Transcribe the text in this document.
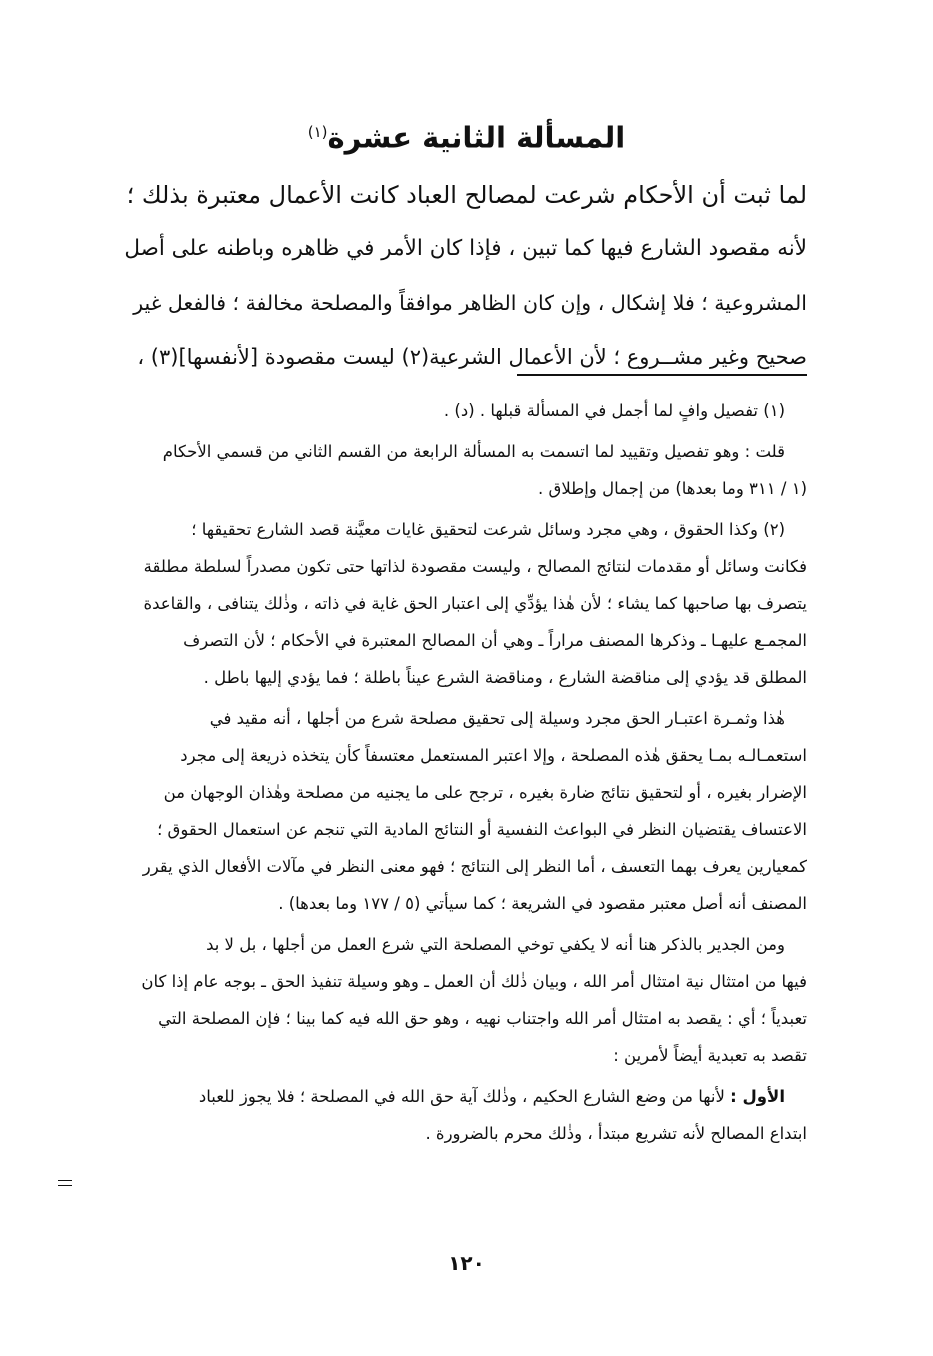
المسألة الثانية عشرة$^{(١)}$
لما ثبت أن الأحكام شرعت لمصالح العباد كانت الأعمال معتبرة بذلك ؛
لأنه مقصود الشارع فيها كما تبين ، فإذا كان الأمر في ظاهره وباطنه على أصل
المشروعية ؛ فلا إشكال ، وإن كان الظاهر موافقاً والمصلحة مخالفة ؛ فالفعل غير
صحيح وغير مشــروع ؛ لأن الأعمال الشرعية(٢) ليست مقصودة [لأنفسها](٣) ،
(١) تفصيل وافٍ لما أجمل في المسألة قبلها . (د) .
قلت : وهو تفصيل وتقييد لما اتسمت به المسألة الرابعة من القسم الثاني من قسمي الأحكام
(١ / ٣١١ وما بعدها) من إجمال وإطلاق .
(٢) وكذا الحقوق ، وهي مجرد وسائل شرعت لتحقيق غايات معيَّنة قصد الشارع تحقيقها ؛
فكانت وسائل أو مقدمات لنتائج المصالح ، وليست مقصودة لذاتها حتى تكون مصدراً لسلطة مطلقة
يتصرف بها صاحبها كما يشاء ؛ لأن هٰذا يؤدِّي إلى اعتبار الحق غاية في ذاته ، وذٰلك يتنافى ، والقاعدة
المجمـع عليهـا ـ وذكرها المصنف مراراً ـ وهي أن المصالح المعتبرة في الأحكام ؛ لأن التصرف
المطلق قد يؤدي إلى مناقضة الشارع ، ومناقضة الشرع عيناً باطلة ؛ فما يؤدي إليها باطل .
هٰذا وثمـرة اعتبـار الحق مجرد وسيلة إلى تحقيق مصلحة شرع من أجلها ، أنه مقيد في
استعمـالـه بمـا يحقق هٰذه المصلحة ، وإلا اعتبر المستعمل معتسفاً كأن يتخذه ذريعة إلى مجرد
الإضرار بغيره ، أو لتحقيق نتائج ضارة بغيره ، ترجح على ما يجنيه من مصلحة وهٰذان الوجهان من
الاعتساف يقتضيان النظر في البواعث النفسية أو النتائج المادية التي تنجم عن استعمال الحقوق ؛
كمعيارين يعرف بهما التعسف ، أما النظر إلى النتائج ؛ فهو معنى النظر في مآلات الأفعال الذي يقرر
المصنف أنه أصل معتبر مقصود في الشريعة ؛ كما سيأتي (٥ / ١٧٧ وما بعدها) .
ومن الجدير بالذكر هنا أنه لا يكفي توخي المصلحة التي شرع العمل من أجلها ، بل لا بد
فيها من امتثال نية امتثال أمر الله ، وبيان ذٰلك أن العمل ـ وهو وسيلة تنفيذ الحق ـ بوجه عام إذا كان
تعبدياً ؛ أي : يقصد به امتثال أمر الله واجتناب نهيه ، وهو حق الله فيه كما بينا ؛ فإن المصلحة التي
تقصد به تعبدية أيضاً لأمرين :
الأول : لأنها من وضع الشارع الحكيم ، وذٰلك آية حق الله في المصلحة ؛ فلا يجوز للعباد
ابتداع المصالح لأنه تشريع مبتدأ ، وذٰلك محرم بالضرورة .
١٢٠
